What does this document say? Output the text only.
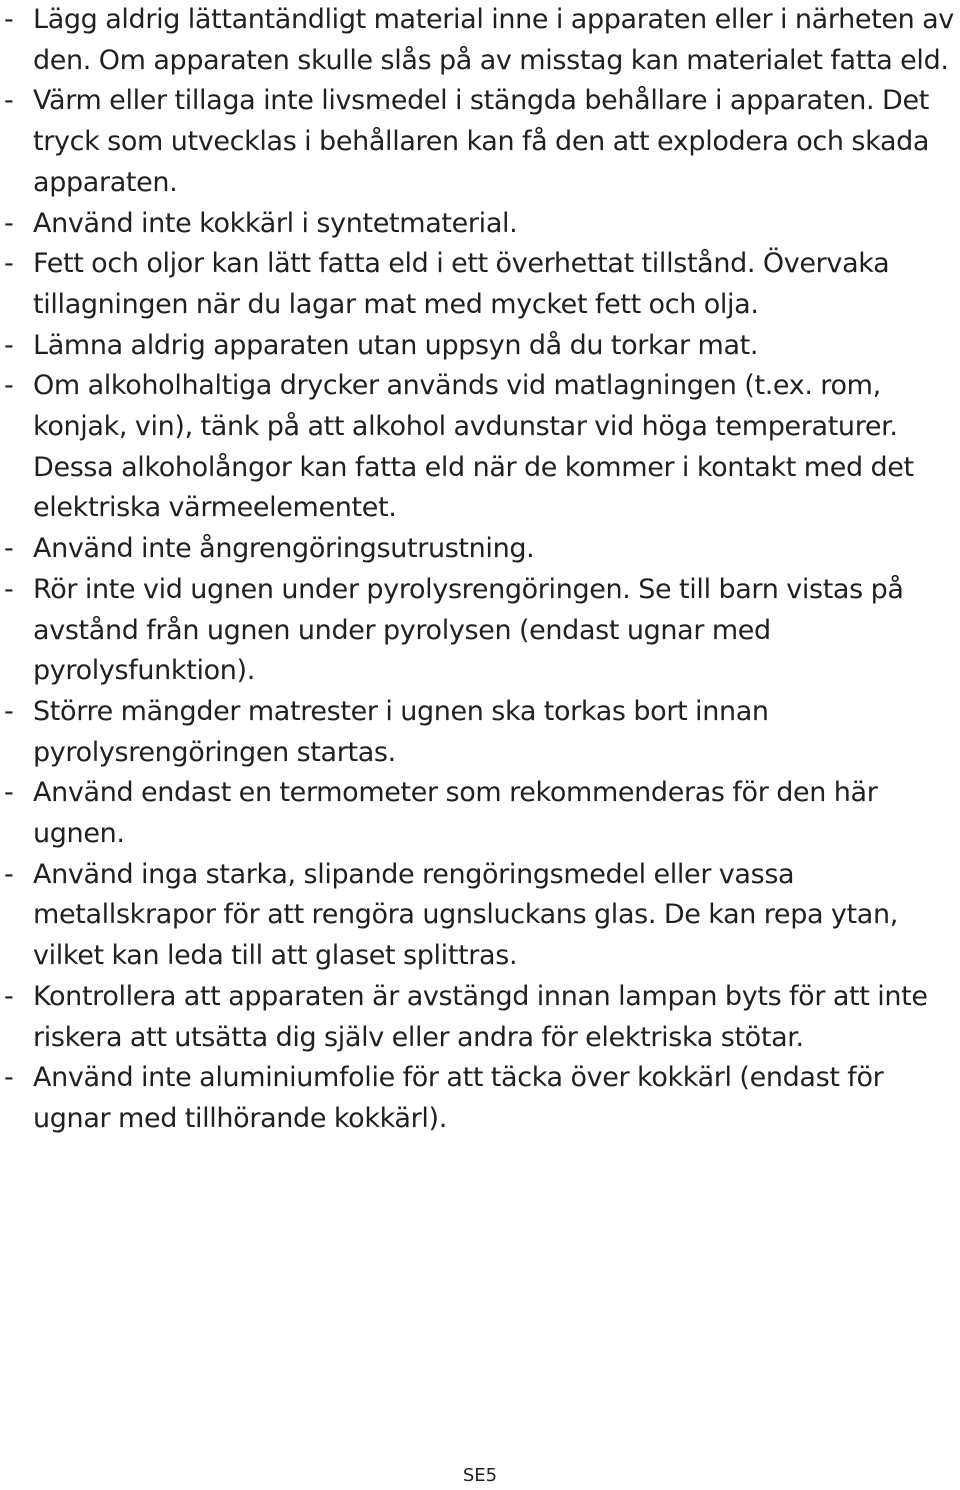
- Lägg aldrig lättantändligt material inne i apparaten eller i närheten av den. Om apparaten skulle slås på av misstag kan materialet fatta eld.
- Värm eller tillaga inte livsmedel i stängda behållare i apparaten. Det tryck som utvecklas i behållaren kan få den att explodera och skada apparaten.
- Använd inte kokkärl i syntetmaterial.
- Fett och oljor kan lätt fatta eld i ett överhettat tillstånd. Övervaka tillagningen när du lagar mat med mycket fett och olja.
- Lämna aldrig apparaten utan uppsyn då du torkar mat.
- Om alkoholhaltiga drycker används vid matlagningen (t.ex. rom, konjak, vin), tänk på att alkohol avdunstar vid höga temperaturer. Dessa alkoholångor kan fatta eld när de kommer i kontakt med det elektriska värmeelementet.
- Använd inte ångrengöringsutrustning.
- Rör inte vid ugnen under pyrolysrengöringen. Se till barn vistas på avstånd från ugnen under pyrolysen (endast ugnar med pyrolysfunktion).
- Större mängder matrester i ugnen ska torkas bort innan pyrolysrengöringen startas.
- Använd endast en termometer som rekommenderas för den här ugnen.
- Använd inga starka, slipande rengöringsmedel eller vassa metallskrapor för att rengöra ugnsluckans glas. De kan repa ytan, vilket kan leda till att glaset splittras.
- Kontrollera att apparaten är avstängd innan lampan byts för att inte riskera att utsätta dig själv eller andra för elektriska stötar.
- Använd inte aluminiumfolie för att täcka över kokkärl (endast för ugnar med tillhörande kokkärl).
SE5
